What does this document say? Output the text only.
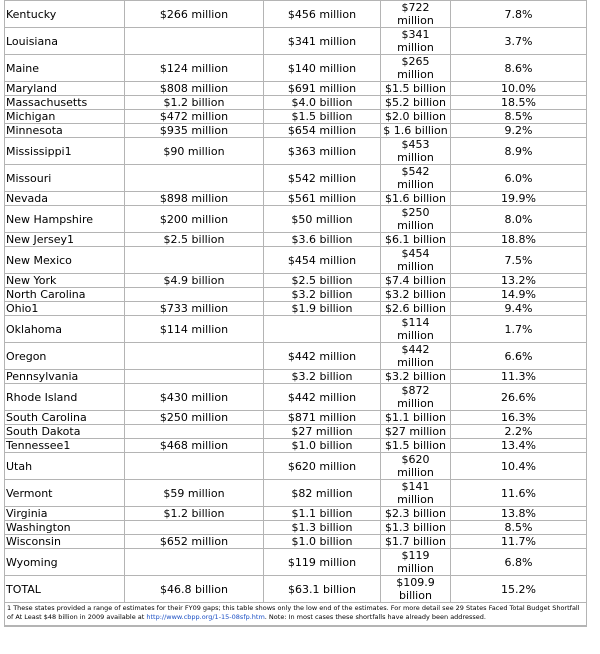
Kentucky	$266 million	$456 million	$722 million	7.8%
Louisiana		$341 million	$341 million	3.7%
Maine	$124 million	$140 million	$265 million	8.6%
Maryland	$808 million	$691 million	$1.5 billion	10.0%
Massachusetts	$1.2 billion	$4.0 billion	$5.2 billion	18.5%
Michigan	$472 million	$1.5 billion	$2.0 billion	8.5%
Minnesota	$935 million	$654 million	$ 1.6 billion	9.2%
Mississippi1	$90 million	$363 million	$453 million	8.9%
Missouri		$542 million	$542 million	6.0%
Nevada	$898 million	$561 million	$1.6 billion	19.9%
New Hampshire	$200 million	$50 million	$250 million	8.0%
New Jersey1	$2.5 billion	$3.6 billion	$6.1 billion	18.8%
New Mexico		$454 million	$454 million	7.5%
New York	$4.9 billion	$2.5 billion	$7.4 billion	13.2%
North Carolina		$3.2 billion	$3.2 billion	14.9%
Ohio1	$733 million	$1.9 billion	$2.6 billion	9.4%
Oklahoma	$114 million		$114 million	1.7%
Oregon		$442 million	$442 million	6.6%
Pennsylvania		$3.2 billion	$3.2 billion	11.3%
Rhode Island	$430 million	$442 million	$872 million	26.6%
South Carolina	$250 million	$871 million	$1.1 billion	16.3%
South Dakota		$27 million	$27 million	2.2%
Tennessee1	$468 million	$1.0 billion	$1.5 billion	13.4%
Utah		$620 million	$620 million	10.4%
Vermont	$59 million	$82 million	$141 million	11.6%
Virginia	$1.2 billion	$1.1 billion	$2.3 billion	13.8%
Washington		$1.3 billion	$1.3 billion	8.5%
Wisconsin	$652 million	$1.0 billion	$1.7 billion	11.7%
Wyoming		$119 million	$119 million	6.8%
TOTAL	$46.8 billion	$63.1 billion	$109.9 billion	15.2%
1 These states provided a range of estimates for their FY09 gaps; this table shows only the low end of the estimates. For more detail see 29 States Faced Total Budget Shortfall of At Least $48 billion in 2009 available at http://www.cbpp.org/1-15-08sfp.htm. Note: In most cases these shortfalls have already been addressed.				
